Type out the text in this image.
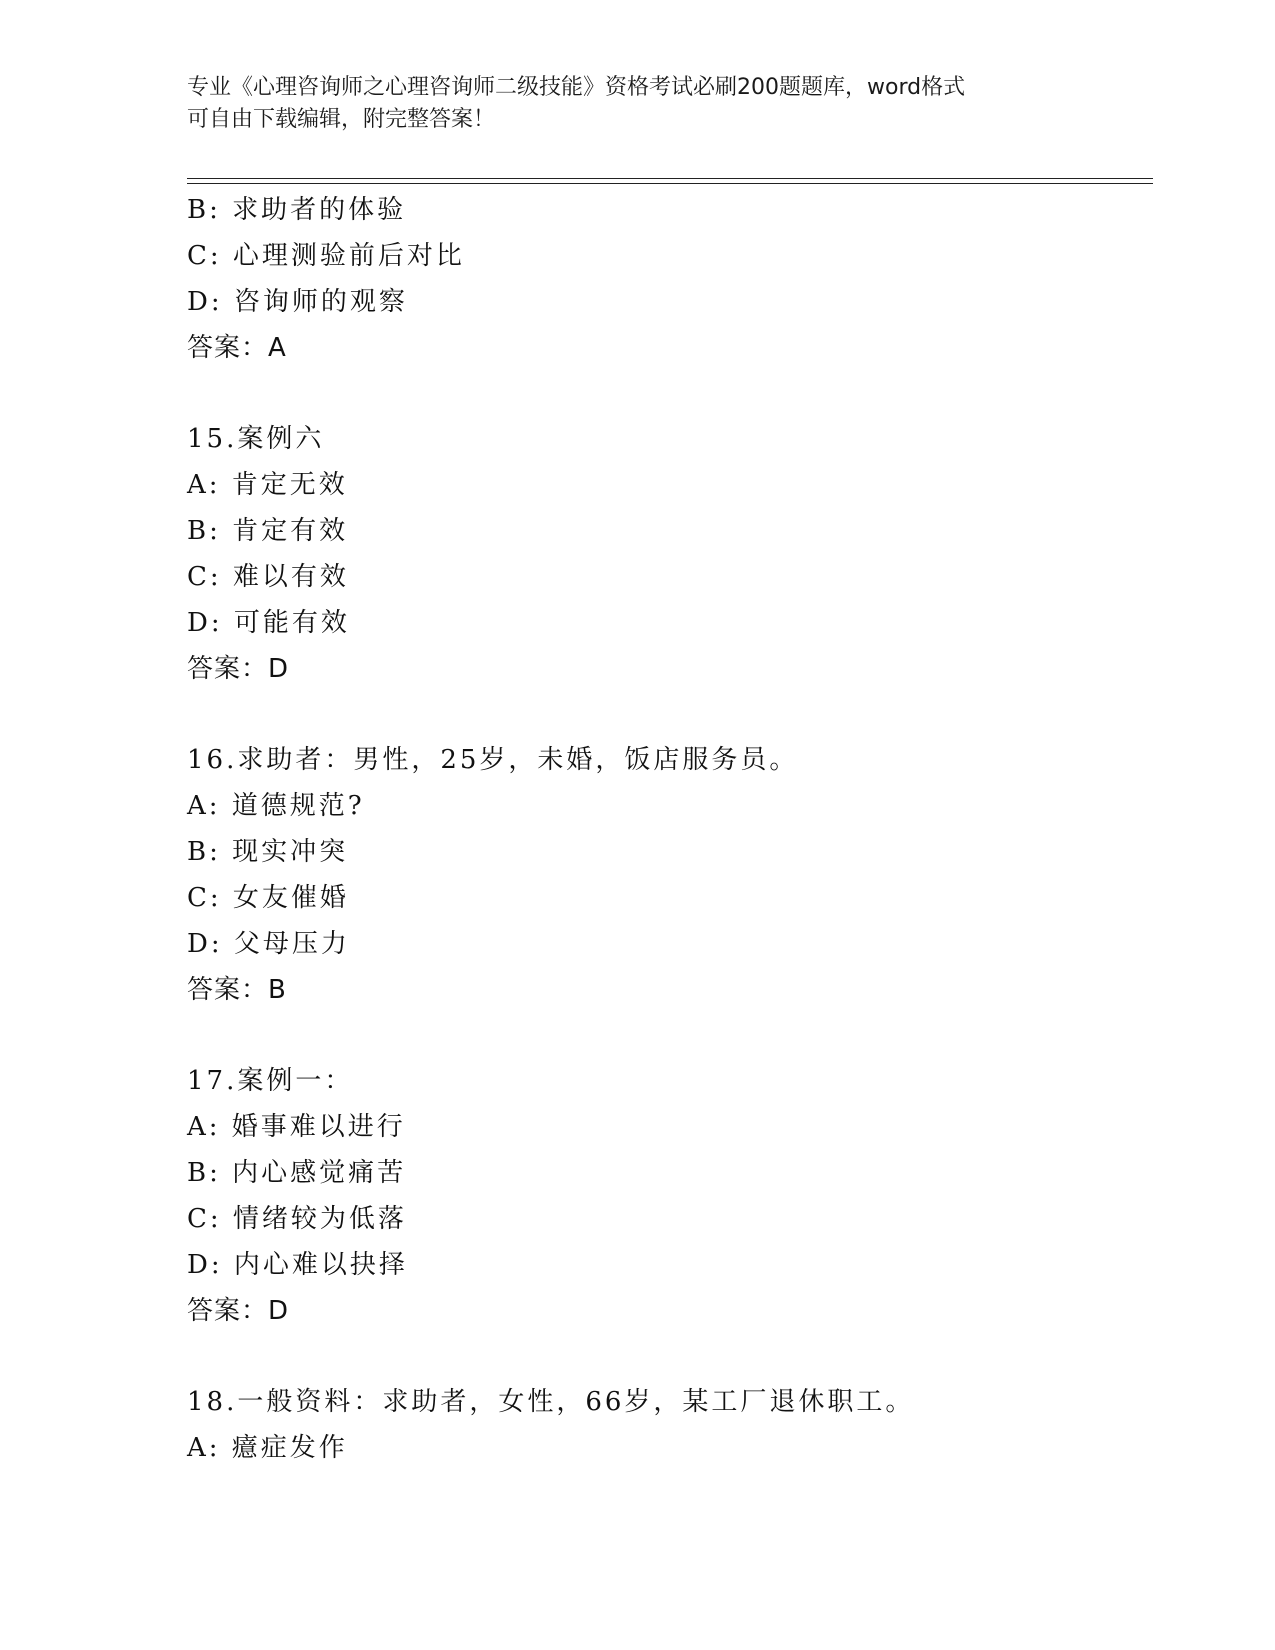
专业《心理咨询师之心理咨询师二级技能》资格考试必刷200题题库，word格式
可自由下载编辑，附完整答案！
B: 求助者的体验
C: 心理测验前后对比
D: 咨询师的观察
答案：A
15.案例六
A: 肯定无效
B: 肯定有效
C: 难以有效
D: 可能有效
答案：D
16.求助者：男性，25岁，未婚，饭店服务员。
A: 道德规范?
B: 现实冲突
C: 女友催婚
D: 父母压力
答案：B
17.案例一：
A: 婚事难以进行
B: 内心感觉痛苦
C: 情绪较为低落
D: 内心难以抉择
答案：D
18.一般资料：求助者，女性，66岁，某工厂退休职工。
A: 癔症发作
